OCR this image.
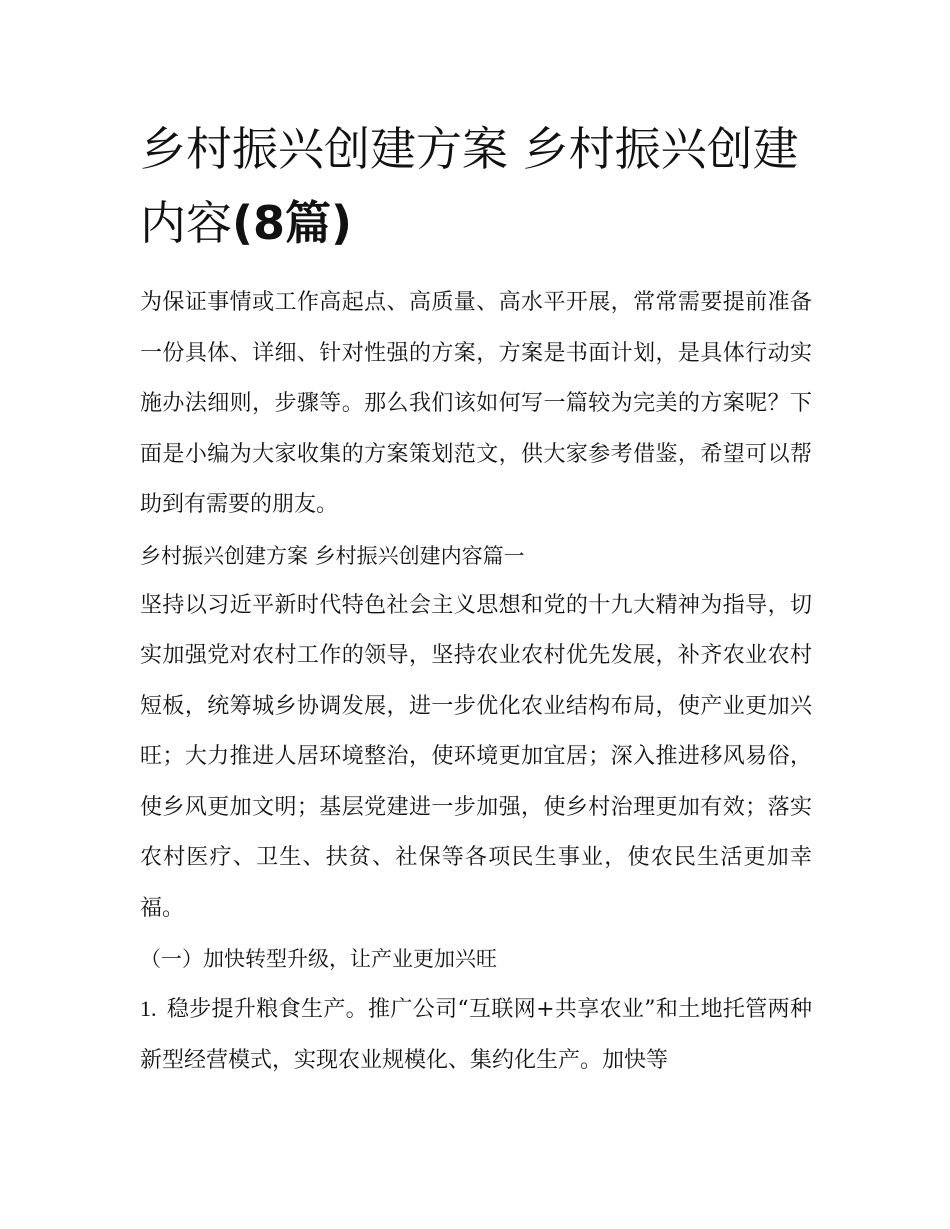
乡村振兴创建方案 乡村振兴创建内容(8篇)

为保证事情或工作高起点、高质量、高水平开展，常常需要提前准备一份具体、详细、针对性强的方案，方案是书面计划，是具体行动实施办法细则，步骤等。那么我们该如何写一篇较为完美的方案呢？下面是小编为大家收集的方案策划范文，供大家参考借鉴，希望可以帮助到有需要的朋友。

乡村振兴创建方案 乡村振兴创建内容篇一

坚持以习近平新时代特色社会主义思想和党的十九大精神为指导，切实加强党对农村工作的领导，坚持农业农村优先发展，补齐农业农村短板，统筹城乡协调发展，进一步优化农业结构布局，使产业更加兴旺；大力推进人居环境整治，使环境更加宜居；深入推进移风易俗，使乡风更加文明；基层党建进一步加强，使乡村治理更加有效；落实农村医疗、卫生、扶贫、社保等各项民生事业，使农民生活更加幸福。

（一）加快转型升级，让产业更加兴旺

1. 稳步提升粮食生产。推广公司“互联网+共享农业”和土地托管两种新型经营模式，实现农业规模化、集约化生产。加快等
